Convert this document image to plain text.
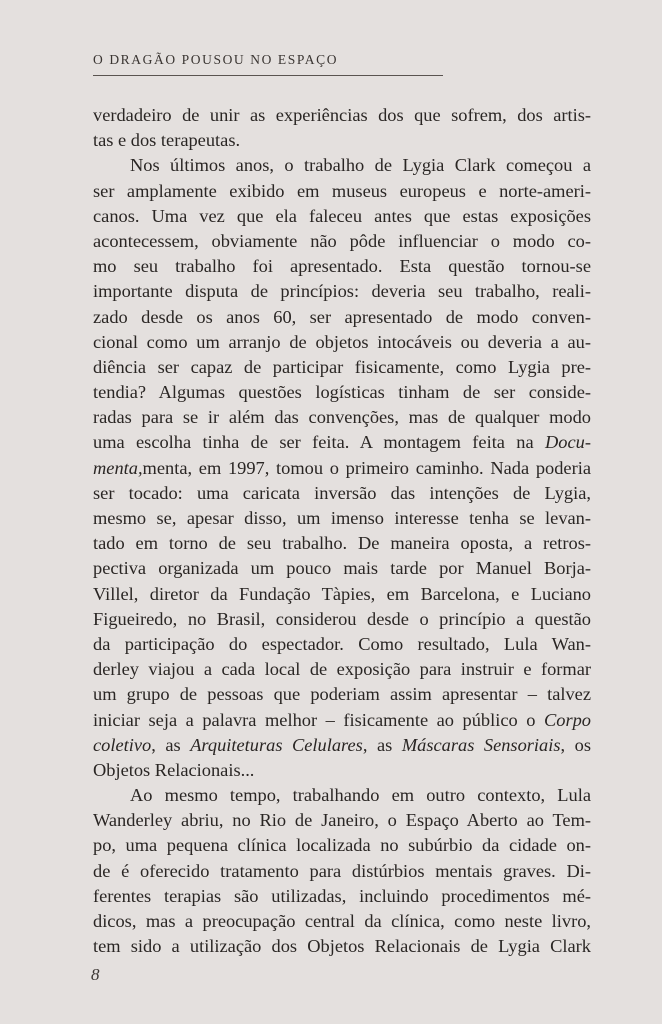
O DRAGÃO POUSOU NO ESPAÇO
verdadeiro de unir as experiências dos que sofrem, dos artis-
tas e dos terapeutas.
Nos últimos anos, o trabalho de Lygia Clark começou a
ser amplamente exibido em museus europeus e norte-ameri-
canos. Uma vez que ela faleceu antes que estas exposições
acontecessem, obviamente não pôde influenciar o modo co-
mo seu trabalho foi apresentado. Esta questão tornou-se
importante disputa de princípios: deveria seu trabalho, reali-
zado desde os anos 60, ser apresentado de modo conven-
cional como um arranjo de objetos intocáveis ou deveria a au-
diência ser capaz de participar fisicamente, como Lygia pre-
tendia? Algumas questões logísticas tinham de ser conside-
radas para se ir além das convenções, mas de qualquer modo
uma escolha tinha de ser feita. A montagem feita na Docu-
menta,menta, em 1997, tomou o primeiro caminho. Nada poderia
ser tocado: uma caricata inversão das intenções de Lygia,
mesmo se, apesar disso, um imenso interesse tenha se levan-
tado em torno de seu trabalho. De maneira oposta, a retros-
pectiva organizada um pouco mais tarde por Manuel Borja-
Villel, diretor da Fundação Tàpies, em Barcelona, e Luciano
Figueiredo, no Brasil, considerou desde o princípio a questão
da participação do espectador. Como resultado, Lula Wan-
derley viajou a cada local de exposição para instruir e formar
um grupo de pessoas que poderiam assim apresentar – talvez
iniciar seja a palavra melhor – fisicamente ao público o Corpo
coletivo, as Arquiteturas Celulares, as Máscaras Sensoriais, os
Objetos Relacionais...
Ao mesmo tempo, trabalhando em outro contexto, Lula
Wanderley abriu, no Rio de Janeiro, o Espaço Aberto ao Tem-
po, uma pequena clínica localizada no subúrbio da cidade on-
de é oferecido tratamento para distúrbios mentais graves. Di-
ferentes terapias são utilizadas, incluindo procedimentos mé-
dicos, mas a preocupação central da clínica, como neste livro,
tem sido a utilização dos Objetos Relacionais de Lygia Clark
8
